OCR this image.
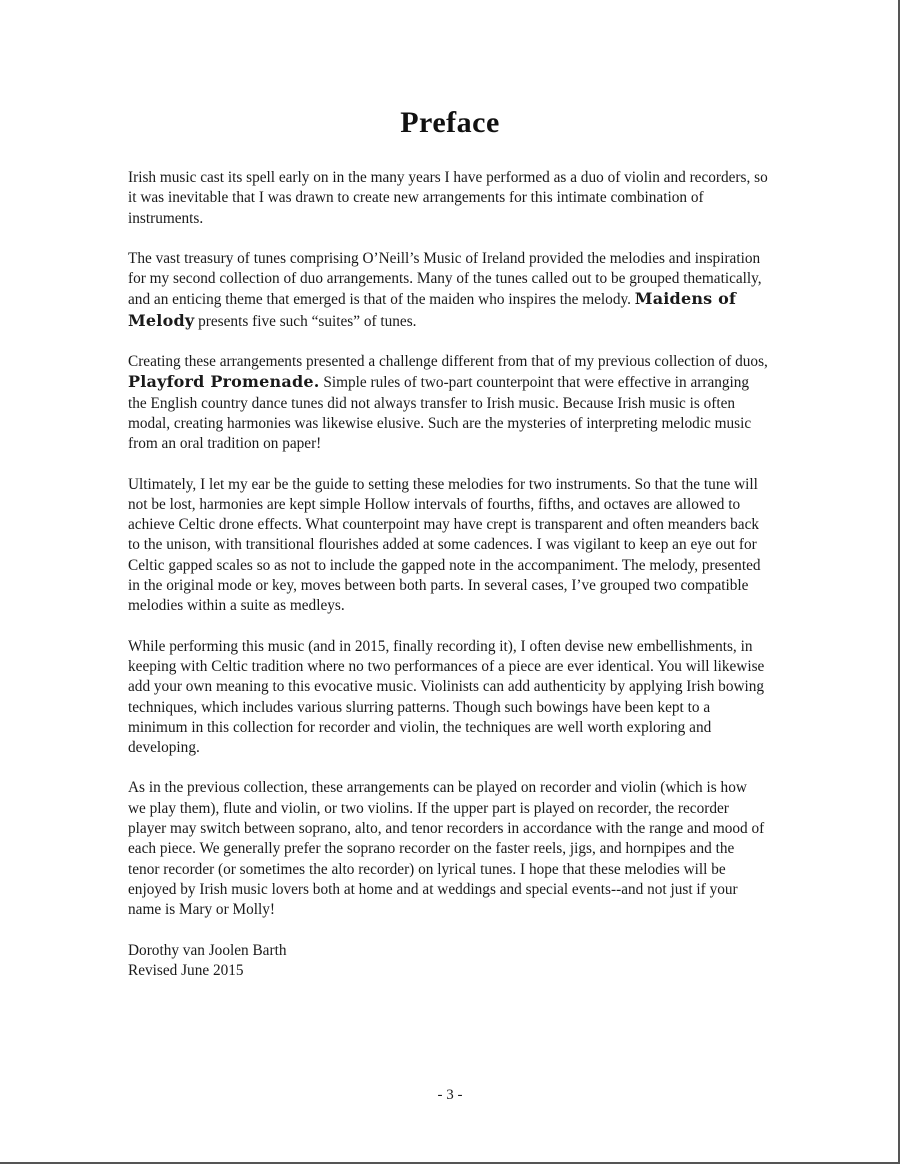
Preface

Irish music cast its spell early on in the many years I have performed as a duo of violin and recorders, so it was inevitable that I was drawn to create new arrangements for this intimate combination of instruments.

The vast treasury of tunes comprising O’Neill’s Music of Ireland provided the melodies and inspiration for my second collection of duo arrangements. Many of the tunes called out to be grouped thematically, and an enticing theme that emerged is that of the maiden who inspires the melody. Maidens of Melody presents five such “suites” of tunes.

Creating these arrangements presented a challenge different from that of my previous collection of duos, Playford Promenade. Simple rules of two-part counterpoint that were effective in arranging the English country dance tunes did not always transfer to Irish music. Because Irish music is often modal, creating harmonies was likewise elusive. Such are the mysteries of interpreting melodic music from an oral tradition on paper!

Ultimately, I let my ear be the guide to setting these melodies for two instruments. So that the tune will not be lost, harmonies are kept simple Hollow intervals of fourths, fifths, and octaves are allowed to achieve Celtic drone effects. What counterpoint may have crept is transparent and often meanders back to the unison, with transitional flourishes added at some cadences. I was vigilant to keep an eye out for Celtic gapped scales so as not to include the gapped note in the accompaniment. The melody, presented in the original mode or key, moves between both parts. In several cases, I’ve grouped two compatible melodies within a suite as medleys.

While performing this music (and in 2015, finally recording it), I often devise new embellishments, in keeping with Celtic tradition where no two performances of a piece are ever identical. You will likewise add your own meaning to this evocative music. Violinists can add authenticity by applying Irish bowing techniques, which includes various slurring patterns. Though such bowings have been kept to a minimum in this collection for recorder and violin, the techniques are well worth exploring and developing.

As in the previous collection, these arrangements can be played on recorder and violin (which is how we play them), flute and violin, or two violins. If the upper part is played on recorder, the recorder player may switch between soprano, alto, and tenor recorders in accordance with the range and mood of each piece. We generally prefer the soprano recorder on the faster reels, jigs, and hornpipes and the tenor recorder (or sometimes the alto recorder) on lyrical tunes. I hope that these melodies will be enjoyed by Irish music lovers both at home and at weddings and special events--and not just if your name is Mary or Molly!

Dorothy van Joolen Barth
Revised June 2015
- 3 -
